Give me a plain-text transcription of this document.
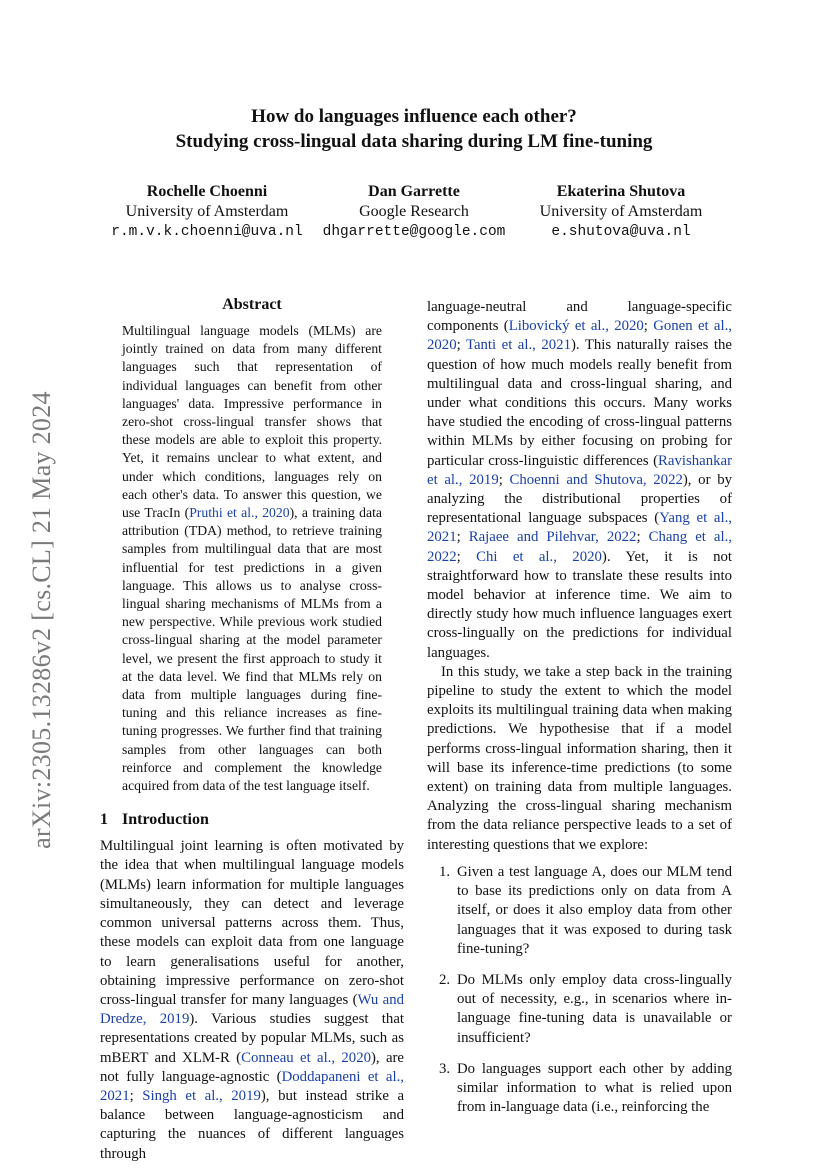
arXiv:2305.13286v2 [cs.CL] 21 May 2024
How do languages influence each other?
Studying cross-lingual data sharing during LM fine-tuning
Rochelle Choenni
University of Amsterdam
r.m.v.k.choenni@uva.nl
Dan Garrette
Google Research
dhgarrette@google.com
Ekaterina Shutova
University of Amsterdam
e.shutova@uva.nl
Abstract

Multilingual language models (MLMs) are jointly trained on data from many different languages such that representation of individual languages can benefit from other languages' data. Impressive performance in zero-shot cross-lingual transfer shows that these models are able to exploit this property. Yet, it remains unclear to what extent, and under which conditions, languages rely on each other's data. To answer this question, we use TracIn (Pruthi et al., 2020), a training data attribution (TDA) method, to retrieve training samples from multilingual data that are most influential for test predictions in a given language. This allows us to analyse cross-lingual sharing mechanisms of MLMs from a new perspective. While previous work studied cross-lingual sharing at the model parameter level, we present the first approach to study it at the data level. We find that MLMs rely on data from multiple languages during fine-tuning and this reliance increases as fine-tuning progresses. We further find that training samples from other languages can both reinforce and complement the knowledge acquired from data of the test language itself.

1 Introduction

Multilingual joint learning is often motivated by the idea that when multilingual language models (MLMs) learn information for multiple languages simultaneously, they can detect and leverage common universal patterns across them. Thus, these models can exploit data from one language to learn generalisations useful for another, obtaining impressive performance on zero-shot cross-lingual transfer for many languages (Wu and Dredze, 2019). Various studies suggest that representations created by popular MLMs, such as mBERT and XLM-R (Conneau et al., 2020), are not fully language-agnostic (Doddapaneni et al., 2021; Singh et al., 2019), but instead strike a balance between language-agnosticism and capturing the nuances of different languages through

language-neutral and language-specific components (Libovický et al., 2020; Gonen et al., 2020; Tanti et al., 2021). This naturally raises the question of how much models really benefit from multilingual data and cross-lingual sharing, and under what conditions this occurs. Many works have studied the encoding of cross-lingual patterns within MLMs by either focusing on probing for particular cross-linguistic differences (Ravishankar et al., 2019; Choenni and Shutova, 2022), or by analyzing the distributional properties of representational language subspaces (Yang et al., 2021; Rajaee and Pilehvar, 2022; Chang et al., 2022; Chi et al., 2020). Yet, it is not straightforward how to translate these results into model behavior at inference time. We aim to directly study how much influence languages exert cross-lingually on the predictions for individual languages.

In this study, we take a step back in the training pipeline to study the extent to which the model exploits its multilingual training data when making predictions. We hypothesise that if a model performs cross-lingual information sharing, then it will base its inference-time predictions (to some extent) on training data from multiple languages. Analyzing the cross-lingual sharing mechanism from the data reliance perspective leads to a set of interesting questions that we explore:

1. Given a test language A, does our MLM tend to base its predictions only on data from A itself, or does it also employ data from other languages that it was exposed to during task fine-tuning?
2. Do MLMs only employ data cross-lingually out of necessity, e.g., in scenarios where in-language fine-tuning data is unavailable or insufficient?
3. Do languages support each other by adding similar information to what is relied upon from in-language data (i.e., reinforcing the
